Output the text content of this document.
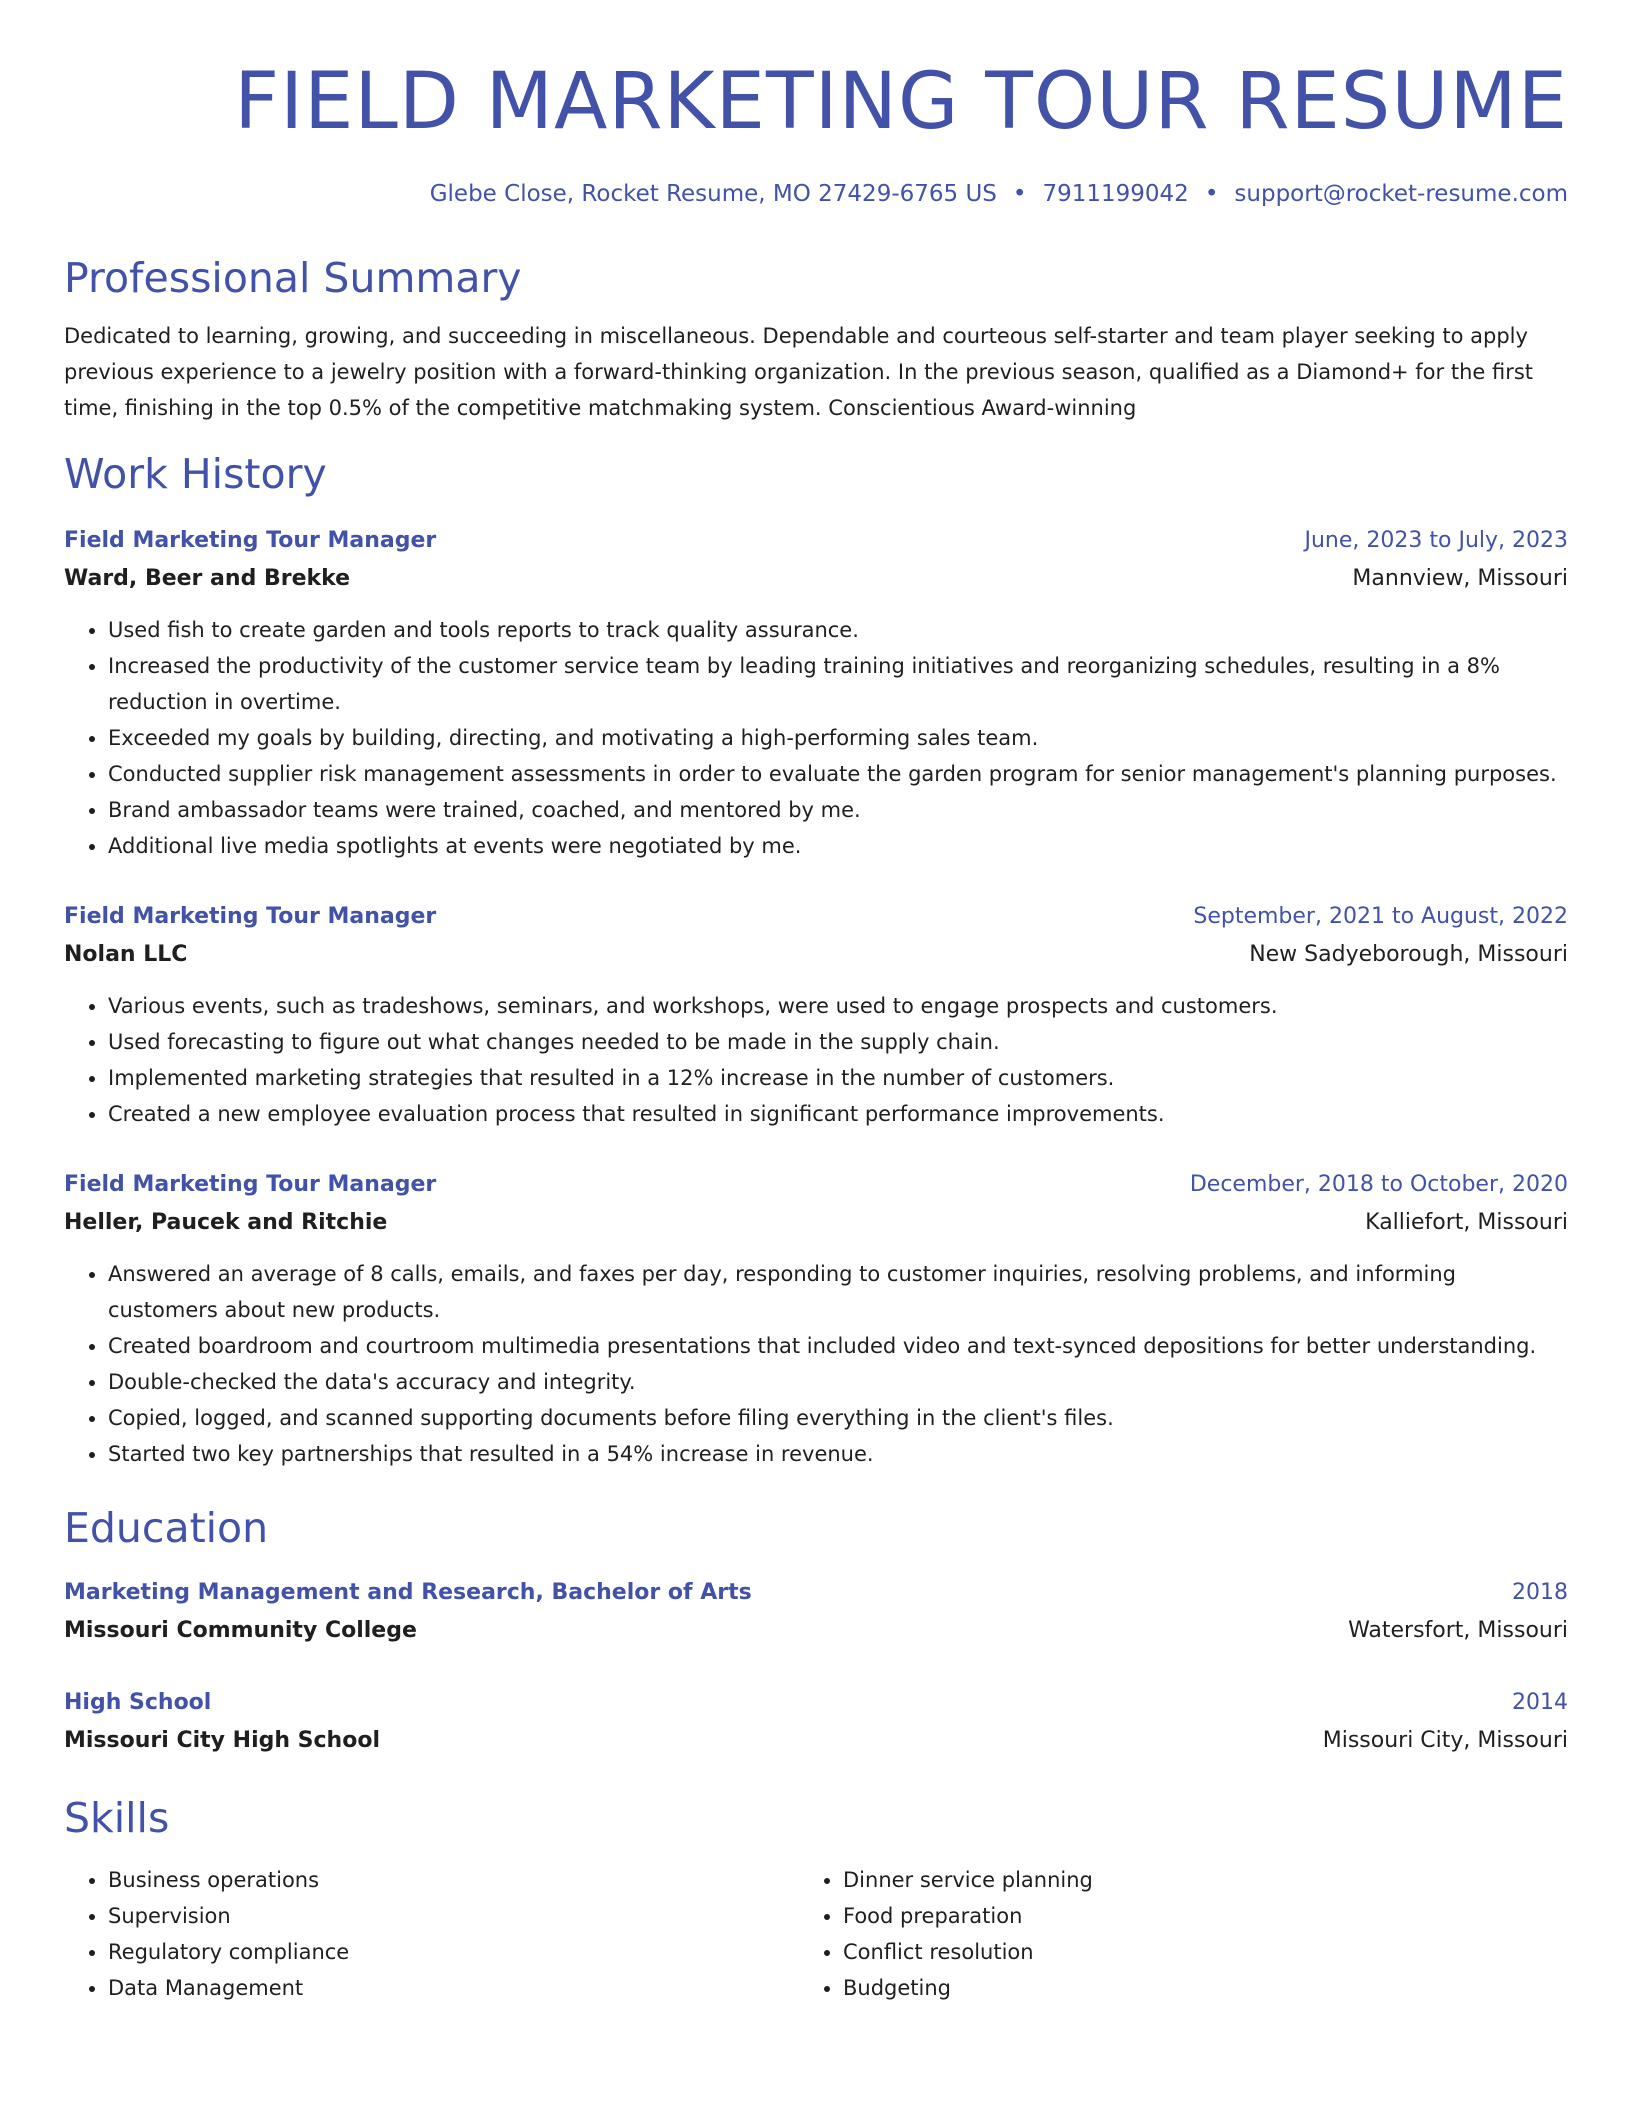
FIELD MARKETING TOUR RESUME
Glebe Close, Rocket Resume, MO 27429-6765 US • 7911199042 • support@rocket-resume.com
Professional Summary
Dedicated to learning, growing, and succeeding in miscellaneous. Dependable and courteous self-starter and team player seeking to apply previous experience to a jewelry position with a forward-thinking organization. In the previous season, qualified as a Diamond+ for the first time, finishing in the top 0.5% of the competitive matchmaking system. Conscientious Award-winning
Work History
Field Marketing Tour Manager	June, 2023 to July, 2023
Ward, Beer and Brekke	Mannview, Missouri
• Used fish to create garden and tools reports to track quality assurance.
• Increased the productivity of the customer service team by leading training initiatives and reorganizing schedules, resulting in a 8% reduction in overtime.
• Exceeded my goals by building, directing, and motivating a high-performing sales team.
• Conducted supplier risk management assessments in order to evaluate the garden program for senior management's planning purposes.
• Brand ambassador teams were trained, coached, and mentored by me.
• Additional live media spotlights at events were negotiated by me.
Field Marketing Tour Manager	September, 2021 to August, 2022
Nolan LLC	New Sadyeborough, Missouri
• Various events, such as tradeshows, seminars, and workshops, were used to engage prospects and customers.
• Used forecasting to figure out what changes needed to be made in the supply chain.
• Implemented marketing strategies that resulted in a 12% increase in the number of customers.
• Created a new employee evaluation process that resulted in significant performance improvements.
Field Marketing Tour Manager	December, 2018 to October, 2020
Heller, Paucek and Ritchie	Kalliefort, Missouri
• Answered an average of 8 calls, emails, and faxes per day, responding to customer inquiries, resolving problems, and informing customers about new products.
• Created boardroom and courtroom multimedia presentations that included video and text-synced depositions for better understanding.
• Double-checked the data's accuracy and integrity.
• Copied, logged, and scanned supporting documents before filing everything in the client's files.
• Started two key partnerships that resulted in a 54% increase in revenue.
Education
Marketing Management and Research, Bachelor of Arts	2018
Missouri Community College	Watersfort, Missouri
High School	2014
Missouri City High School	Missouri City, Missouri
Skills
• Business operations
• Supervision
• Regulatory compliance
• Data Management
• Dinner service planning
• Food preparation
• Conflict resolution
• Budgeting
